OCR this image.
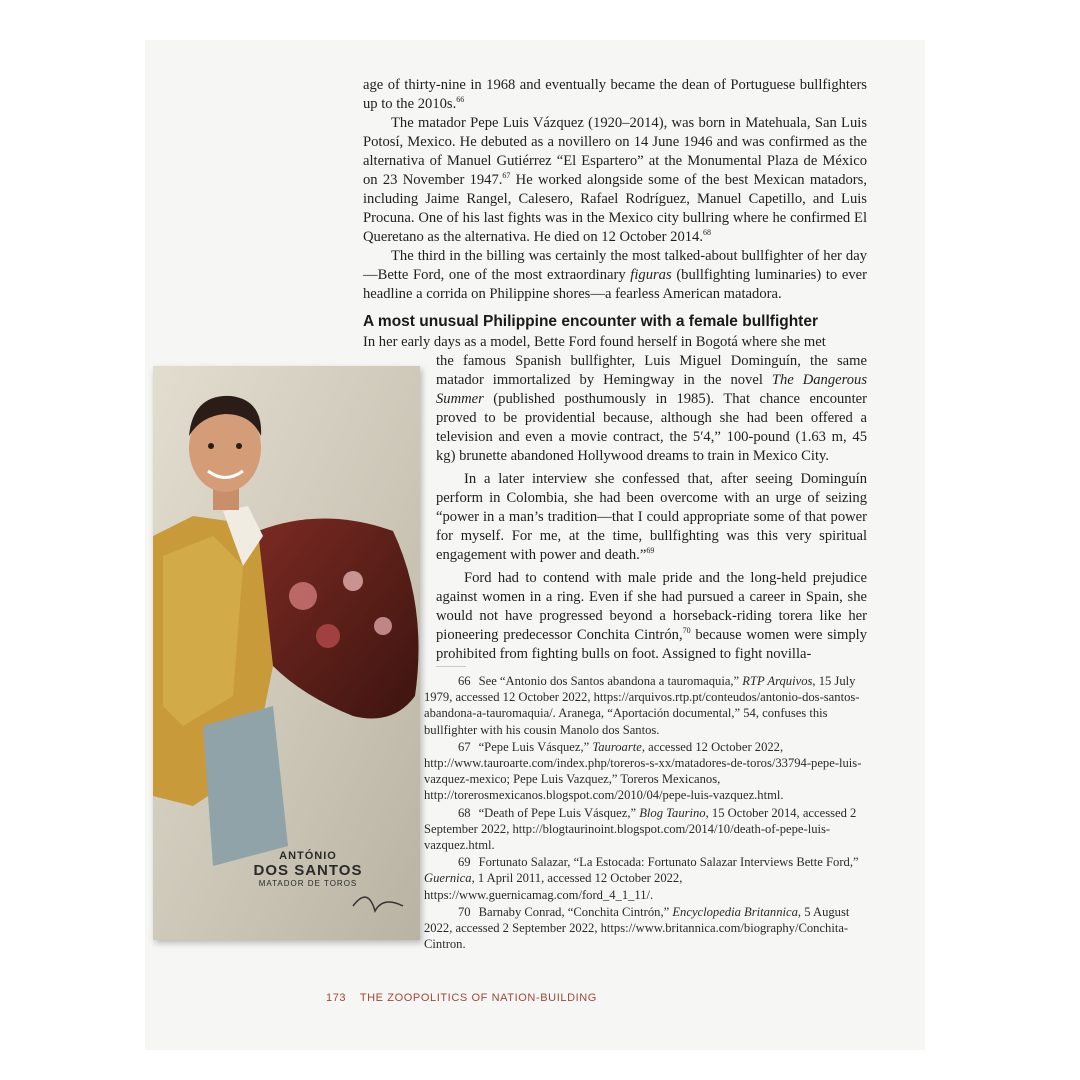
age of thirty-nine in 1968 and eventually became the dean of Portuguese bullfighters up to the 2010s.$^{66}$

The matador Pepe Luis Vázquez (1920–2014), was born in Matehuala, San Luis Potosí, Mexico. He debuted as a novillero on 14 June 1946 and was confirmed as the alternativa of Manuel Gutiérrez “El Espartero” at the Monumental Plaza de México on 23 November 1947.67 He worked alongside some of the best Mexican matadors, including Jaime Rangel, Calesero, Rafael Rodríguez, Manuel Capetillo, and Luis Procuna. One of his last fights was in the Mexico city bullring where he confirmed El Queretano as the alternativa. He died on 12 October 2014.68

The third in the billing was certainly the most talked-about bullfighter of her day—Bette Ford, one of the most extraordinary figuras (bullfighting luminaries) to ever headline a corrida on Philippine shores—a fearless American matadora.

A most unusual Philippine encounter with a female bullfighter

In her early days as a model, Bette Ford found herself in Bogotá where she met

the famous Spanish bullfighter, Luis Miguel Dominguín, the same matador immortalized by Hemingway in the novel The Dangerous Summer (published posthumously in 1985). That chance encounter proved to be providential because, although she had been offered a television and even a movie contract, the 5′4,” 100-pound (1.63 m, 45 kg) brunette abandoned Hollywood dreams to train in Mexico City.

In a later interview she confessed that, after seeing Dominguín perform in Colombia, she had been overcome with an urge of seizing “power in a man’s tradition—that I could appropriate some of that power for myself. For me, at the time, bullfighting was this very spiritual engagement with power and death.”$^{69}$

Ford had to contend with male pride and the long-held prejudice against women in a ring. Even if she had pursued a career in Spain, she would not have progressed beyond a horseback-riding torera like her pioneering predecessor Conchita Cintrón,$^{70}$ because women were simply prohibited from fighting bulls on foot. Assigned to fight novilla-

66 See “Antonio dos Santos abandona a tauromaquia,” RTP Arquivos, 15 July 1979, accessed 12 October 2022, https://arquivos.rtp.pt/conteudos/antonio-dos-santos-abandona-a-tauromaquia/. Aranega, “Aportación documental,” 54, confuses this bullfighter with his cousin Manolo dos Santos.

67 “Pepe Luis Vásquez,” Tauroarte, accessed 12 October 2022, http://www.tauroarte.com/index.php/toreros-s-xx/matadores-de-toros/33794-pepe-luis-vazquez-mexico; Pepe Luis Vazquez,” Toreros Mexicanos, http://torerosmexicanos.blogspot.com/2010/04/pepe-luis-vazquez.html.

68 “Death of Pepe Luis Vásquez,” Blog Taurino, 15 October 2014, accessed 2 September 2022, http://blogtaurinoint.blogspot.com/2014/10/death-of-pepe-luis-vazquez.html.

69 Fortunato Salazar, “La Estocada: Fortunato Salazar Interviews Bette Ford,” Guernica, 1 April 2011, accessed 12 October 2022, https://www.guernicamag.com/ford_4_1_11/.

70 Barnaby Conrad, “Conchita Cintrón,” Encyclopedia Britannica, 5 August 2022, accessed 2 September 2022, https://www.britannica.com/biography/Conchita-Cintron.

ANTÓNIO
DOS SANTOS
MATADOR DE TOROS
173 THE ZOOPOLITICS OF NATION-BUILDING
